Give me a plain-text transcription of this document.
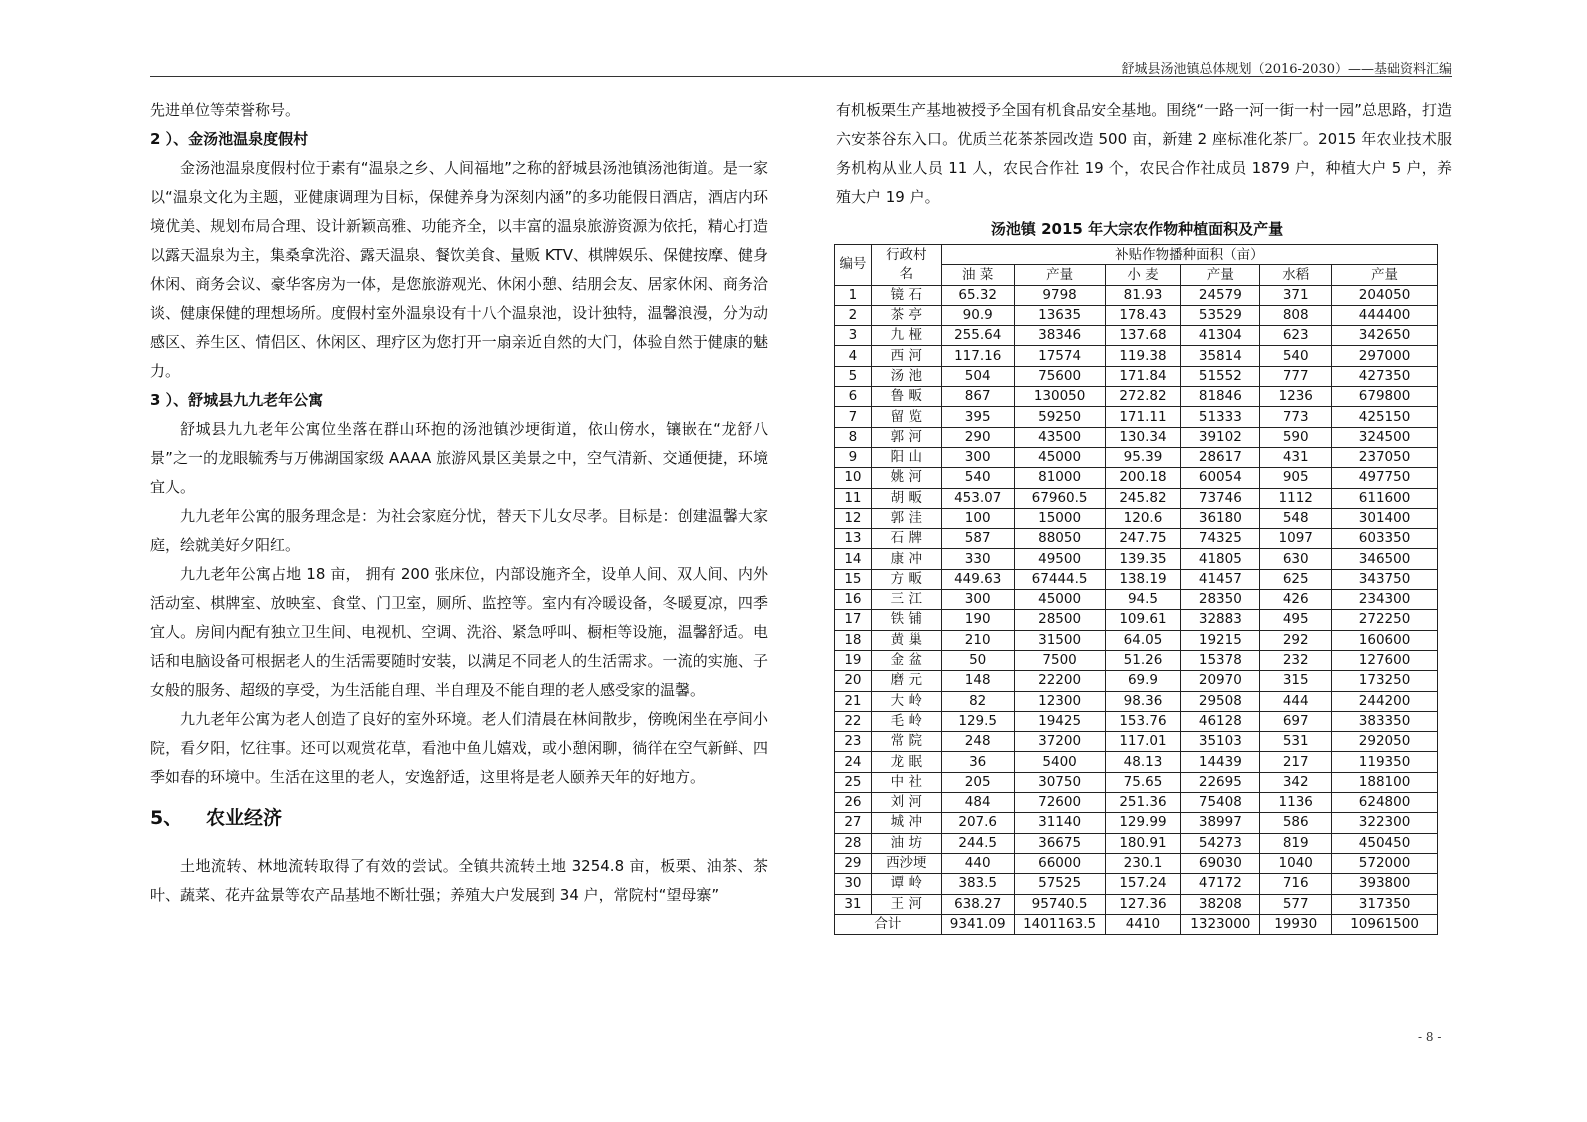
舒城县汤池镇总体规划（2016-2030）——基础资料汇编

先进单位等荣誉称号。

2 ）、金汤池温泉度假村

金汤池温泉度假村位于素有“温泉之乡、人间福地”之称的舒城县汤池镇汤池街道。是一家以“温泉文化为主题，亚健康调理为目标，保健养身为深刻内涵”的多功能假日酒店，酒店内环境优美、规划布局合理、设计新颖高雅、功能齐全，以丰富的温泉旅游资源为依托，精心打造以露天温泉为主，集桑拿洗浴、露天温泉、餐饮美食、量贩 KTV、棋牌娱乐、保健按摩、健身休闲、商务会议、豪华客房为一体，是您旅游观光、休闲小憩、结朋会友、居家休闲、商务洽谈、健康保健的理想场所。度假村室外温泉设有十八个温泉池，设计独特，温馨浪漫，分为动感区、养生区、情侣区、休闲区、理疗区为您打开一扇亲近自然的大门，体验自然于健康的魅力。

3 ）、舒城县九九老年公寓

舒城县九九老年公寓位坐落在群山环抱的汤池镇沙埂街道，依山傍水，镶嵌在“龙舒八景”之一的龙眼毓秀与万佛湖国家级 AAAA 旅游风景区美景之中，空气清新、交通便捷，环境宜人。

九九老年公寓的服务理念是：为社会家庭分忧，替天下儿女尽孝。目标是：创建温馨大家庭，绘就美好夕阳红。

九九老年公寓占地 18 亩， 拥有 200 张床位，内部设施齐全，设单人间、双人间、内外活动室、棋牌室、放映室、食堂、门卫室，厕所、监控等。室内有冷暖设备，冬暖夏凉，四季宜人。房间内配有独立卫生间、电视机、空调、洗浴、紧急呼叫、橱柜等设施，温馨舒适。电话和电脑设备可根据老人的生活需要随时安装，以满足不同老人的生活需求。一流的实施、子女般的服务、超级的享受，为生活能自理、半自理及不能自理的老人感受家的温馨。

九九老年公寓为老人创造了良好的室外环境。老人们清晨在林间散步，傍晚闲坐在亭间小院，看夕阳，忆往事。还可以观赏花草，看池中鱼儿嬉戏，或小憩闲聊，徜徉在空气新鲜、四季如春的环境中。生活在这里的老人，安逸舒适，这里将是老人颐养天年的好地方。

5、 农业经济

土地流转、林地流转取得了有效的尝试。全镇共流转土地 3254.8 亩，板栗、油茶、茶叶、蔬菜、花卉盆景等农产品基地不断壮强；养殖大户发展到 34 户，常院村“望母寨”

有机板栗生产基地被授予全国有机食品安全基地。围绕“一路一河一街一村一园”总思路，打造六安茶谷东入口。优质兰花茶茶园改造 500 亩，新建 2 座标准化茶厂。2015 年农业技术服务机构从业人员 11 人，农民合作社 19 个，农民合作社成员 1879 户，种植大户 5 户，养殖大户 19 户。

汤池镇 2015 年大宗农作物种植面积及产量
编号	行政村名	补贴作物播种面积（亩）					
		油 菜	产量	小 麦	产量	水稻	产量
1	镜 石	65.32	9798	81.93	24579	371	204050
2	茶 亭	90.9	13635	178.43	53529	808	444400
3	九 桠	255.64	38346	137.68	41304	623	342650
4	西 河	117.16	17574	119.38	35814	540	297000
5	汤 池	504	75600	171.84	51552	777	427350
6	鲁 畈	867	130050	272.82	81846	1236	679800
7	留 览	395	59250	171.11	51333	773	425150
8	郭 河	290	43500	130.34	39102	590	324500
9	阳 山	300	45000	95.39	28617	431	237050
10	姚 河	540	81000	200.18	60054	905	497750
11	胡 畈	453.07	67960.5	245.82	73746	1112	611600
12	郭 洼	100	15000	120.6	36180	548	301400
13	石 牌	587	88050	247.75	74325	1097	603350
14	康 冲	330	49500	139.35	41805	630	346500
15	方 畈	449.63	67444.5	138.19	41457	625	343750
16	三 江	300	45000	94.5	28350	426	234300
17	铁 铺	190	28500	109.61	32883	495	272250
18	黄 巢	210	31500	64.05	19215	292	160600
19	金 盆	50	7500	51.26	15378	232	127600
20	磨 元	148	22200	69.9	20970	315	173250
21	大 岭	82	12300	98.36	29508	444	244200
22	毛 岭	129.5	19425	153.76	46128	697	383350
23	常 院	248	37200	117.01	35103	531	292050
24	龙 眠	36	5400	48.13	14439	217	119350
25	中 社	205	30750	75.65	22695	342	188100
26	刘 河	484	72600	251.36	75408	1136	624800
27	城 冲	207.6	31140	129.99	38997	586	322300
28	油 坊	244.5	36675	180.91	54273	819	450450
29	西沙埂	440	66000	230.1	69030	1040	572000
30	谭 岭	383.5	57525	157.24	47172	716	393800
31	王 河	638.27	95740.5	127.36	38208	577	317350
合计		9341.09	1401163.5	4410	1323000	19930	10961500
- 8 -
